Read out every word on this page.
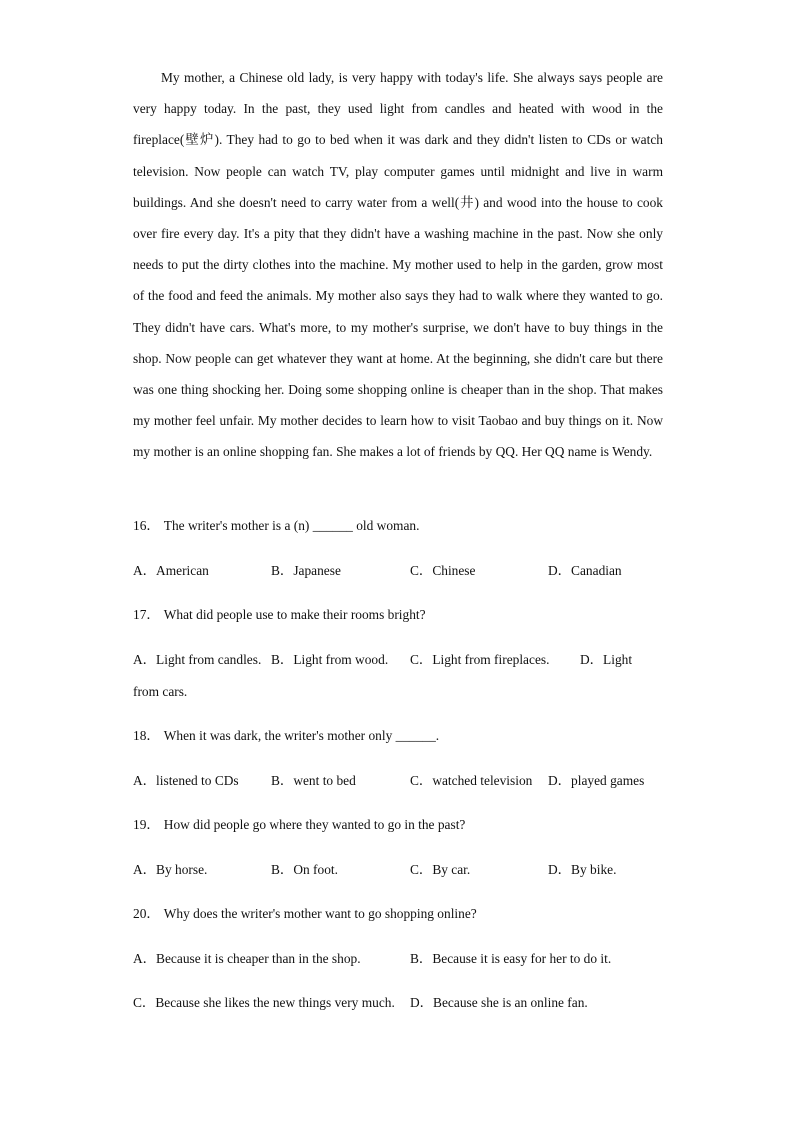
My mother, a Chinese old lady, is very happy with today's life. She always says people are very happy today. In the past, they used light from candles and heated with wood in the fireplace(壁炉). They had to go to bed when it was dark and they didn't listen to CDs or watch television. Now people can watch TV, play computer games until midnight and live in warm buildings. And she doesn't need to carry water from a well(井) and wood into the house to cook over fire every day. It's a pity that they didn't have a washing machine in the past. Now she only needs to put the dirty clothes into the machine. My mother used to help in the garden, grow most of the food and feed the animals. My mother also says they had to walk where they wanted to go. They didn't have cars. What's more, to my mother's surprise, we don't have to buy things in the shop. Now people can get whatever they want at home. At the beginning, she didn't care but there was one thing shocking her. Doing some shopping online is cheaper than in the shop. That makes my mother feel unfair. My mother decides to learn how to visit Taobao and buy things on it. Now my mother is an online shopping fan. She makes a lot of friends by QQ. Her QQ name is Wendy.

16． The writer's mother is a (n) ______ old woman.
A．American	B．Japanese	C．Chinese	D．Canadian
17． What did people use to make their rooms bright?
A．Light from candles. B．Light from wood. C．Light from fireplaces. D．Light
from cars.
18． When it was dark, the writer's mother only ______.
A．listened to CDs B．went to bed	C．watched television D．played games
19． How did people go where they wanted to go in the past?
A．By horse.	B．On foot.	C．By car.	D．By bike.
20． Why does the writer's mother want to go shopping online?
A．Because it is cheaper than in the shop.	B．Because it is easy for her to do it.
C．Because she likes the new things very much. D．Because she is an online fan.
